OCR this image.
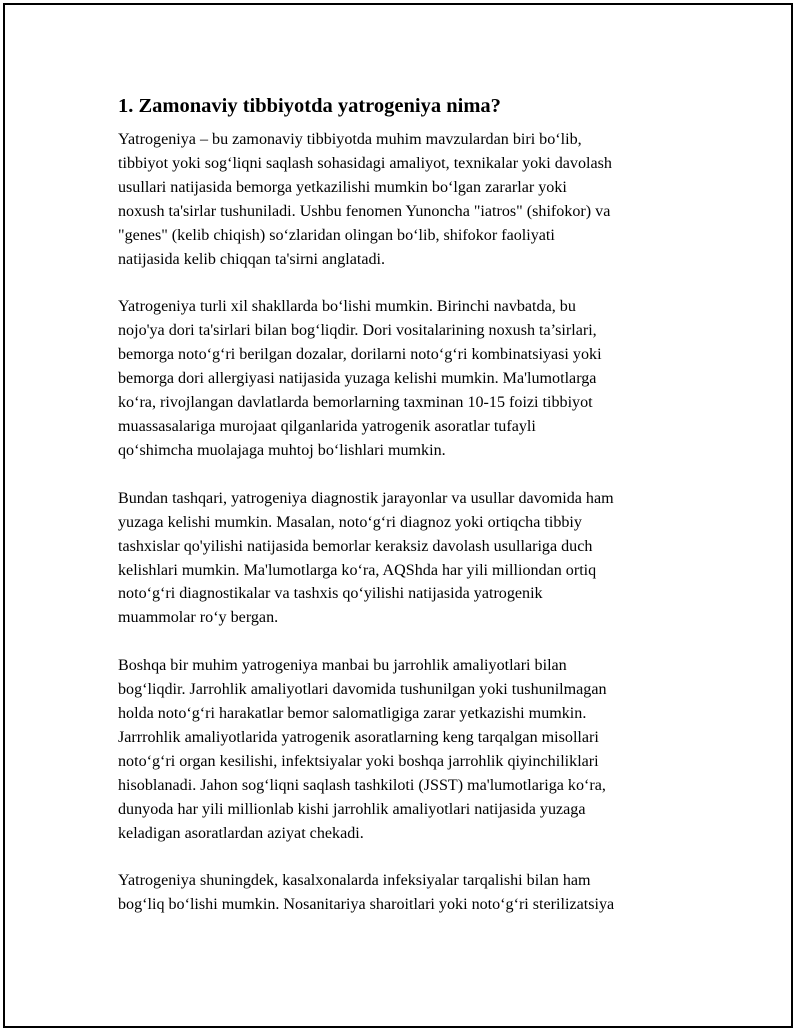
1. Zamonaviy tibbiyotda yatrogeniya nima?

Yatrogeniya – bu zamonaviy tibbiyotda muhim mavzulardan biri bo‘lib,
tibbiyot yoki sog‘liqni saqlash sohasidagi amaliyot, texnikalar yoki davolash
usullari natijasida bemorga yetkazilishi mumkin bo‘lgan zararlar yoki
noxush ta'sirlar tushuniladi. Ushbu fenomen Yunoncha "iatros" (shifokor) va
"genes" (kelib chiqish) so‘zlaridan olingan bo‘lib, shifokor faoliyati
natijasida kelib chiqqan ta'sirni anglatadi.

Yatrogeniya turli xil shakllarda bo‘lishi mumkin. Birinchi navbatda, bu
nojo'ya dori ta'sirlari bilan bog‘liqdir. Dori vositalarining noxush ta’sirlari,
bemorga noto‘g‘ri berilgan dozalar, dorilarni noto‘g‘ri kombinatsiyasi yoki
bemorga dori allergiyasi natijasida yuzaga kelishi mumkin. Ma'lumotlarga
ko‘ra, rivojlangan davlatlarda bemorlarning taxminan 10-15 foizi tibbiyot
muassasalariga murojaat qilganlarida yatrogenik asoratlar tufayli
qo‘shimcha muolajaga muhtoj bo‘lishlari mumkin.

Bundan tashqari, yatrogeniya diagnostik jarayonlar va usullar davomida ham
yuzaga kelishi mumkin. Masalan, noto‘g‘ri diagnoz yoki ortiqcha tibbiy
tashxislar qo'yilishi natijasida bemorlar keraksiz davolash usullariga duch
kelishlari mumkin. Ma'lumotlarga ko‘ra, AQShda har yili milliondan ortiq
noto‘g‘ri diagnostikalar va tashxis qo‘yilishi natijasida yatrogenik
muammolar ro‘y bergan.

Boshqa bir muhim yatrogeniya manbai bu jarrohlik amaliyotlari bilan
bog‘liqdir. Jarrohlik amaliyotlari davomida tushunilgan yoki tushunilmagan
holda noto‘g‘ri harakatlar bemor salomatligiga zarar yetkazishi mumkin.
Jarrrohlik amaliyotlarida yatrogenik asoratlarning keng tarqalgan misollari
noto‘g‘ri organ kesilishi, infektsiyalar yoki boshqa jarrohlik qiyinchiliklari
hisoblanadi. Jahon sog‘liqni saqlash tashkiloti (JSST) ma'lumotlariga ko‘ra,
dunyoda har yili millionlab kishi jarrohlik amaliyotlari natijasida yuzaga
keladigan asoratlardan aziyat chekadi.

Yatrogeniya shuningdek, kasalxonalarda infeksiyalar tarqalishi bilan ham
bog‘liq bo‘lishi mumkin. Nosanitariya sharoitlari yoki noto‘g‘ri sterilizatsiya
